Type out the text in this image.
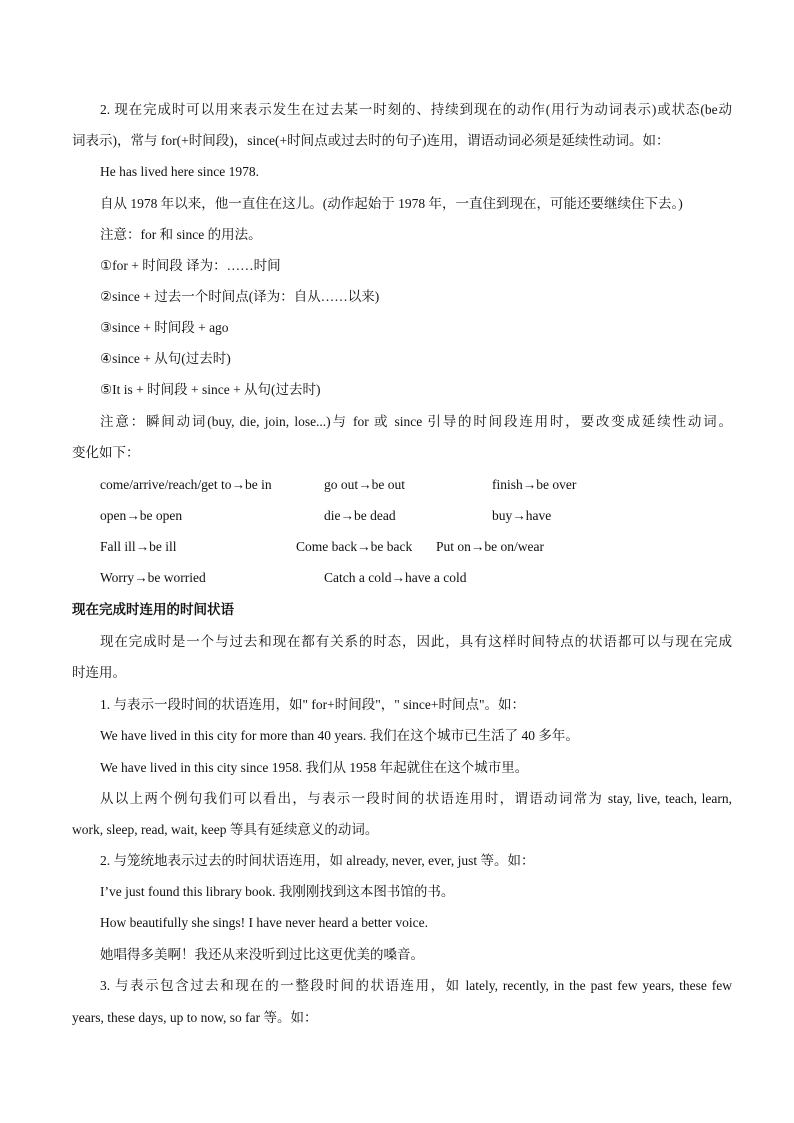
2. 现在完成时可以用来表示发生在过去某一时刻的、持续到现在的动作(用行为动词表示)或状态(be动
词表示)，常与 for(+时间段)，since(+时间点或过去时的句子)连用，谓语动词必须是延续性动词。如：
He has lived here since 1978.
自从 1978 年以来，他一直住在这儿。(动作起始于 1978 年，一直住到现在，可能还要继续住下去。)
注意：for 和 since 的用法。
①for + 时间段 译为：……时间
②since + 过去一个时间点(译为：自从……以来)
③since + 时间段 + ago
④since + 从句(过去时)
⑤It is + 时间段 + since + 从句(过去时)
注意：瞬间动词(buy, die, join, lose...)与 for 或 since 引导的时间段连用时，要改变成延续性动词。
变化如下：
come/arrive/reach/get to→be in	go out→be out	finish→be over
open→be open	die→be dead	buy→have
Fall ill→be ill	Come back→be back Put on→be on/wear
Worry→be worried	Catch a cold→have a cold
现在完成时连用的时间状语
现在完成时是一个与过去和现在都有关系的时态，因此，具有这样时间特点的状语都可以与现在完成
时连用。
1. 与表示一段时间的状语连用，如" for+时间段"，" since+时间点"。如：
We have lived in this city for more than 40 years. 我们在这个城市已生活了 40 多年。
We have lived in this city since 1958. 我们从 1958 年起就住在这个城市里。
从以上两个例句我们可以看出，与表示一段时间的状语连用时，谓语动词常为 stay, live, teach, learn,
work, sleep, read, wait, keep 等具有延续意义的动词。
2. 与笼统地表示过去的时间状语连用，如 already, never, ever, just 等。如：
I’ve just found this library book. 我刚刚找到这本图书馆的书。
How beautifully she sings! I have never heard a better voice.
她唱得多美啊！我还从来没听到过比这更优美的嗓音。
3. 与表示包含过去和现在的一整段时间的状语连用，如 lately, recently, in the past few years, these few
years, these days, up to now, so far 等。如：
